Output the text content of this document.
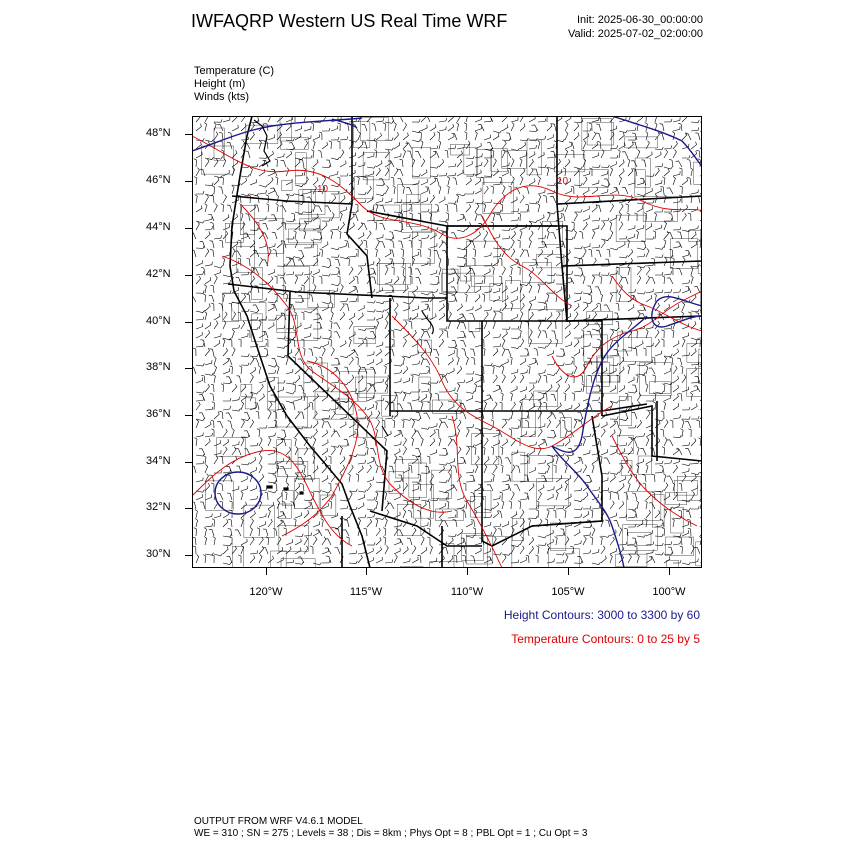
IWFAQRP Western US Real Time WRF	Init: 2025-06-30_00:00:00
Valid: 2025-07-02_02:00:00
Temperature (C)
Height (m)
Winds (kts)
10
10
48°N
46°N
44°N
42°N
40°N
38°N
36°N
34°N
32°N
30°N
120°W	115°W	110°W	105°W	100°W
Height Contours: 3000 to 3300 by 60
Temperature Contours: 0 to 25 by 5
OUTPUT FROM WRF V4.6.1 MODEL
WE = 310 ; SN = 275 ; Levels = 38 ; Dis = 8km ; Phys Opt = 8 ; PBL Opt = 1 ; Cu Opt = 3
